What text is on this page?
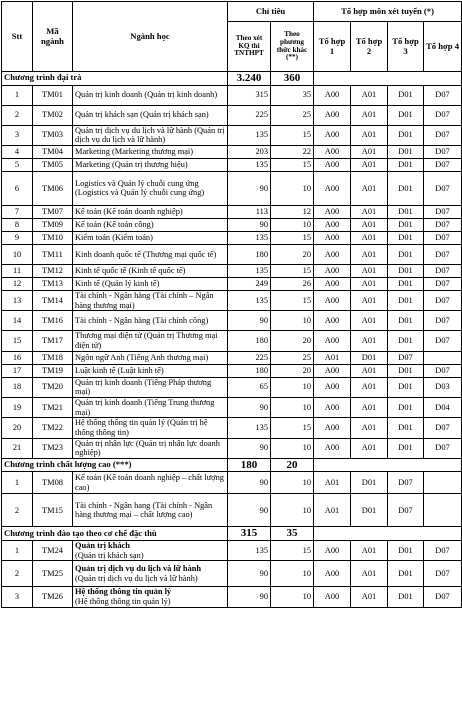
Stt	Mã ngành	Ngành học	Chỉ tiêu		Tổ hợp môn xét tuyển (*)			
			Theo xét KQ thi TNTHPT	Theo phương thức khác (**)	Tổ hợp 1	Tổ hợp 2	Tổ hợp 3	Tổ hợp 4
Chương trình đại trà			3.240	360				
1	TM01	Quản trị kinh doanh (Quản trị kinh doanh)	315	35	A00	A01	D01	D07
2	TM02	Quản trị khách sạn (Quản trị khách sạn)	225	25	A00	A01	D01	D07
3	TM03	Quản trị dịch vụ du lịch và lữ hành (Quản trị dịch vụ du lịch và lữ hành)	135	15	A00	A01	D01	D07
4	TM04	Marketing (Marketing thương mại)	203	22	A00	A01	D01	D07
5	TM05	Marketing (Quản trị thương hiệu)	135	15	A00	A01	D01	D07
6	TM06	Logistics và Quản lý chuỗi cung ứng (Logistics và Quản lý chuỗi cung ứng)	90	10	A00	A01	D01	D07
7	TM07	Kế toán (Kế toán doanh nghiệp)	113	12	A00	A01	D01	D07
8	TM09	Kế toán (Kế toán công)	90	10	A00	A01	D01	D07
9	TM10	Kiểm toán (Kiểm toán)	135	15	A00	A01	D01	D07
10	TM11	Kinh doanh quốc tế (Thương mại quốc tế)	180	20	A00	A01	D01	D07
11	TM12	Kinh tế quốc tế (Kinh tế quốc tế)	135	15	A00	A01	D01	D07
12	TM13	Kinh tế (Quản lý kinh tế)	249	26	A00	A01	D01	D07
13	TM14	Tài chính - Ngân hàng (Tài chính – Ngân hàng thương mại)	135	15	A00	A01	D01	D07
14	TM16	Tài chính - Ngân hàng (Tài chính công)	90	10	A00	A01	D01	D07
15	TM17	Thương mại điện tử (Quản trị Thương mại điện tử)	180	20	A00	A01	D01	D07
16	TM18	Ngôn ngữ Anh (Tiếng Anh thương mại)	225	25	A01	D01	D07	
17	TM19	Luật kinh tế (Luật kinh tế)	180	20	A00	A01	D01	D07
18	TM20	Quản trị kinh doanh (Tiếng Pháp thương mại)	65	10	A00	A01	D01	D03
19	TM21	Quản trị kinh doanh (Tiếng Trung thương mại)	90	10	A00	A01	D01	D04
20	TM22	Hệ thống thông tin quản lý (Quản trị hệ thống thông tin)	135	15	A00	A01	D01	D07
21	TM23	Quản trị nhân lực (Quản trị nhân lực doanh nghiệp)	90	10	A00	A01	D01	D07
Chương trình chất lượng cao (***)			180	20				
1	TM08	Kế toán (Kế toán doanh nghiệp – chất lượng cao)	90	10	A01	D01	D07	
2	TM15	Tài chính - Ngân hang (Tài chính - Ngân hàng thương mại – chất lượng cao)	90	10	A01	D01	D07	
Chương trình đào tạo theo cơ chế đặc thù			315	35				
1	TM24	Quản trị khách
(Quản trị khách sạn)	135	15	A00	A01	D01	D07
2	TM25	Quản trị dịch vụ du lịch và lữ hành
(Quản trị dịch vụ du lịch và lữ hành)	90	10	A00	A01	D01	D07
3	TM26	Hệ thống thông tin quản lý
(Hệ thống thông tin quản lý)	90	10	A00	A01	D01	D07
